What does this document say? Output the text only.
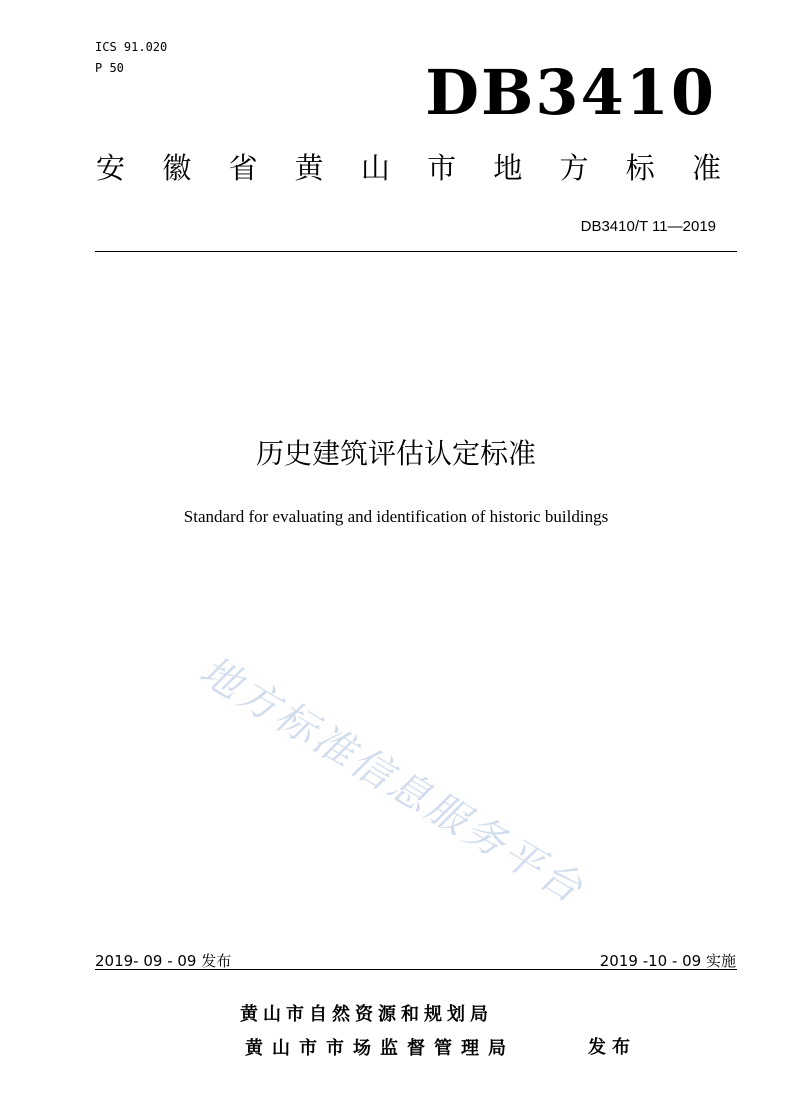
ICS 91.020
P 50	DB3410
安 徽 省 黄 山 市 地 方 标 准
DB3410/T 11—2019
历史建筑评估认定标准
Standard for evaluating and identification of historic buildings
地方标准信息服务平台
2019- 09 - 09 发布	2019 -10 - 09 实施
黄山市自然资源和规划局
黄山市市场监督管理局	发布
